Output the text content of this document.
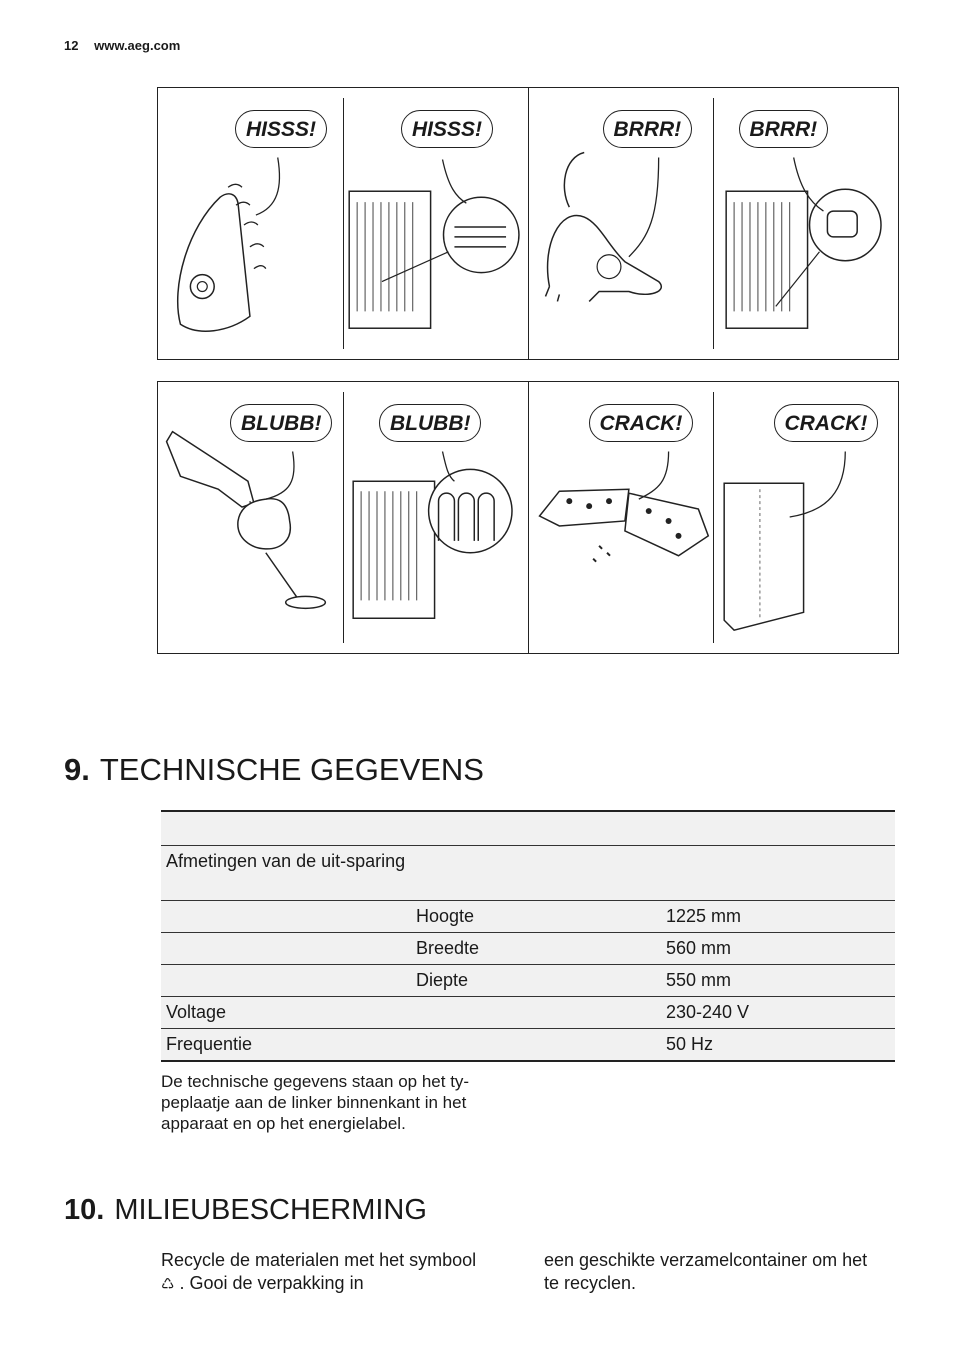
12 www.aeg.com
HISSS!	HISSS!	BRRR!	BRRR!
BLUBB!	BLUBB!	CRACK!	CRACK!
9. TECHNISCHE GEGEVENS

Afmetingen van de uit-sparing		
	Hoogte	1225 mm
	Breedte	560 mm
	Diepte	550 mm
Voltage		230-240 V
Frequentie		50 Hz

De technische gegevens staan op het ty-peplaatje aan de linker binnenkant in het apparaat en op het energielabel.

10. MILIEUBESCHERMING

Recycle de materialen met het symbool ♺ . Gooi de verpakking in

een geschikte verzamelcontainer om het te recyclen.
